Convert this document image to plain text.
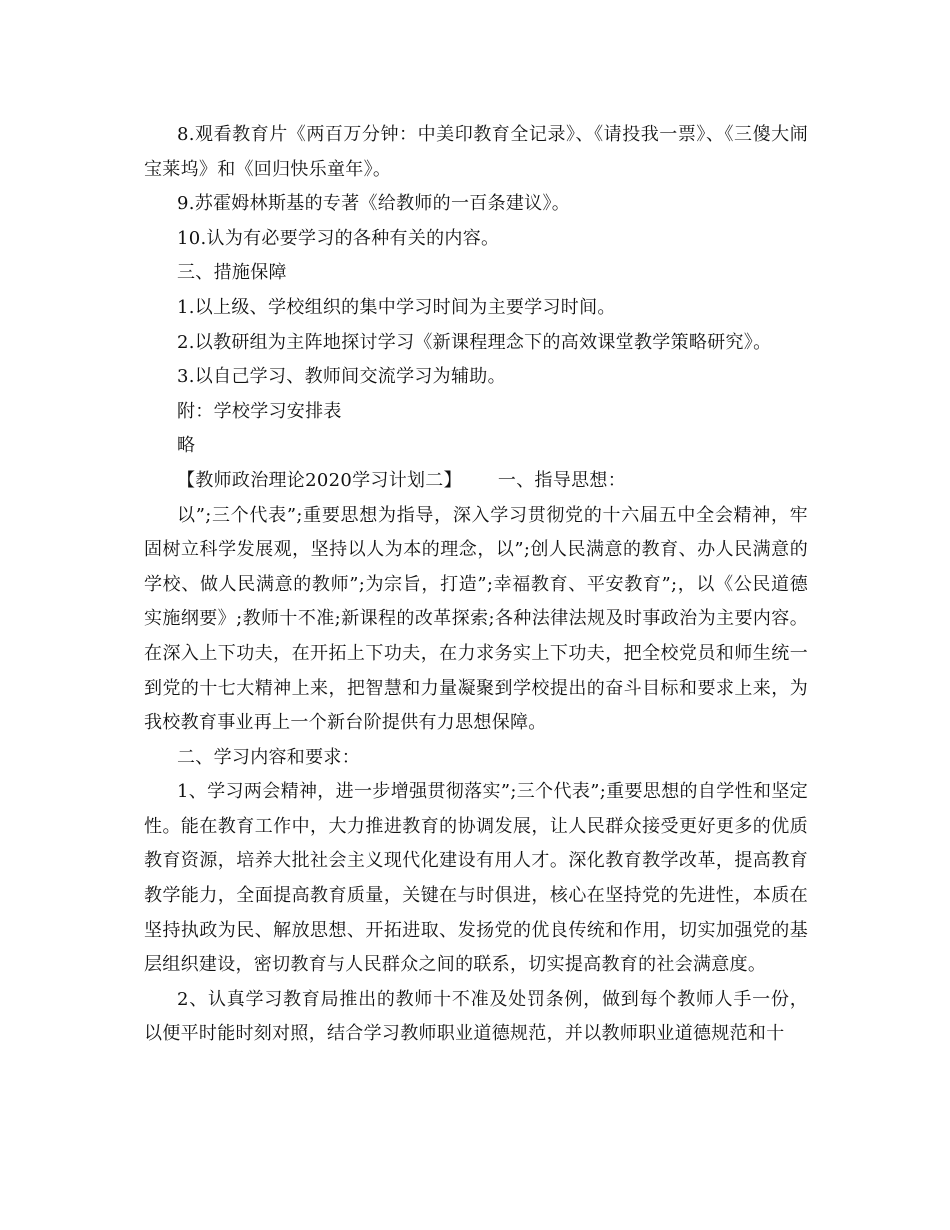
8.观看教育片《两百万分钟：中美印教育全记录》、《请投我一票》、《三傻大闹宝莱坞》和《回归快乐童年》。

9.苏霍姆林斯基的专著《给教师的一百条建议》。

10.认为有必要学习的各种有关的内容。

三、措施保障

1.以上级、学校组织的集中学习时间为主要学习时间。

2.以教研组为主阵地探讨学习《新课程理念下的高效课堂教学策略研究》。

3.以自己学习、教师间交流学习为辅助。

附：学校学习安排表

略

【教师政治理论2020学习计划二】 一、指导思想：

以”;三个代表”;重要思想为指导，深入学习贯彻党的十六届五中全会精神，牢固树立科学发展观，坚持以人为本的理念，以”;创人民满意的教育、办人民满意的学校、做人民满意的教师”;为宗旨，打造”;幸福教育、平安教育”;，以《公民道德实施纲要》;教师十不准;新课程的改革探索;各种法律法规及时事政治为主要内容。在深入上下功夫，在开拓上下功夫，在力求务实上下功夫，把全校党员和师生统一到党的十七大精神上来，把智慧和力量凝聚到学校提出的奋斗目标和要求上来，为我校教育事业再上一个新台阶提供有力思想保障。

二、学习内容和要求：

1、学习两会精神，进一步增强贯彻落实”;三个代表”;重要思想的自学性和坚定性。能在教育工作中，大力推进教育的协调发展，让人民群众接受更好更多的优质教育资源，培养大批社会主义现代化建设有用人才。深化教育教学改革，提高教育教学能力，全面提高教育质量，关键在与时俱进，核心在坚持党的先进性，本质在坚持执政为民、解放思想、开拓进取、发扬党的优良传统和作用，切实加强党的基层组织建设，密切教育与人民群众之间的联系，切实提高教育的社会满意度。

2、认真学习教育局推出的教师十不准及处罚条例，做到每个教师人手一份，以便平时能时刻对照，结合学习教师职业道德规范，并以教师职业道德规范和十
